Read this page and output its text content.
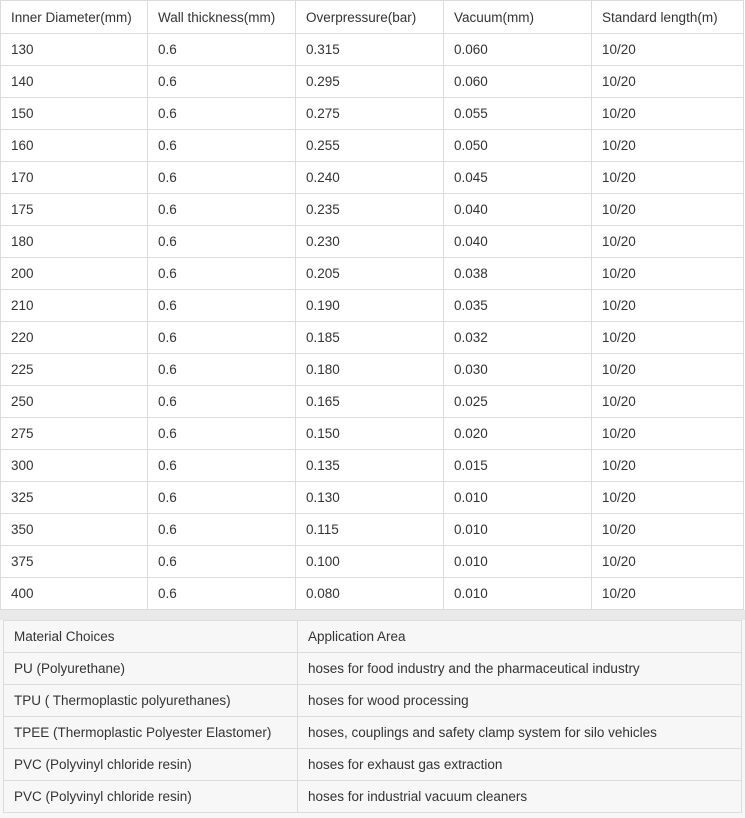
Inner Diameter(mm)	Wall thickness(mm)	Overpressure(bar)	Vacuum(mm)	Standard length(m)
130	0.6	0.315	0.060	10/20
140	0.6	0.295	0.060	10/20
150	0.6	0.275	0.055	10/20
160	0.6	0.255	0.050	10/20
170	0.6	0.240	0.045	10/20
175	0.6	0.235	0.040	10/20
180	0.6	0.230	0.040	10/20
200	0.6	0.205	0.038	10/20
210	0.6	0.190	0.035	10/20
220	0.6	0.185	0.032	10/20
225	0.6	0.180	0.030	10/20
250	0.6	0.165	0.025	10/20
275	0.6	0.150	0.020	10/20
300	0.6	0.135	0.015	10/20
325	0.6	0.130	0.010	10/20
350	0.6	0.115	0.010	10/20
375	0.6	0.100	0.010	10/20
400	0.6	0.080	0.010	10/20
Material Choices	Application Area
PU (Polyurethane)	hoses for food industry and the pharmaceutical industry
TPU ( Thermoplastic polyurethanes)	hoses for wood processing
TPEE (Thermoplastic Polyester Elastomer)	hoses, couplings and safety clamp system for silo vehicles
PVC (Polyvinyl chloride resin)	hoses for exhaust gas extraction
PVC (Polyvinyl chloride resin)	hoses for industrial vacuum cleaners
